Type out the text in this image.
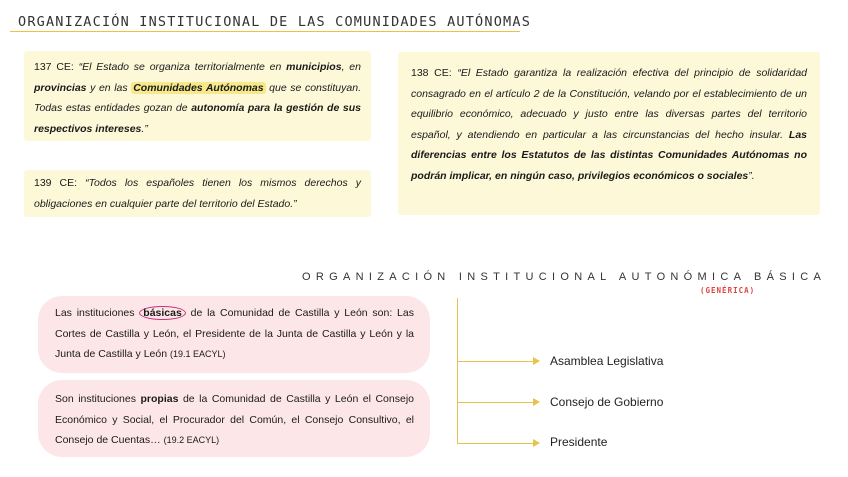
ORGANIZACIÓN INSTITUCIONAL DE LAS COMUNIDADES AUTÓNOMAS
137 CE: “El Estado se organiza territorialmente en municipios, en provincias y en las Comunidades Autónomas que se constituyan. Todas estas entidades gozan de autonomía para la gestión de sus respectivos intereses.”
139 CE: “Todos los españoles tienen los mismos derechos y obligaciones en cualquier parte del territorio del Estado.”
138 CE: “El Estado garantiza la realización efectiva del principio de solidaridad consagrado en el artículo 2 de la Constitución, velando por el establecimiento de un equilibrio económico, adecuado y justo entre las diversas partes del territorio español, y atendiendo en particular a las circunstancias del hecho insular. Las diferencias entre los Estatutos de las distintas Comunidades Autónomas no podrán implicar, en ningún caso, privilegios económicos o sociales”.
ORGANIZACIÓN INSTITUCIONAL AUTONÓMICA BÁSICA
(GENÉRICA)
Las instituciones básicas de la Comunidad de Castilla y León son: Las Cortes de Castilla y León, el Presidente de la Junta de Castilla y León y la Junta de Castilla y León (19.1 EACYL)
Son instituciones propias de la Comunidad de Castilla y León el Consejo Económico y Social, el Procurador del Común, el Consejo Consultivo, el Consejo de Cuentas… (19.2 EACYL)
Asamblea Legislativa
Consejo de Gobierno
Presidente
